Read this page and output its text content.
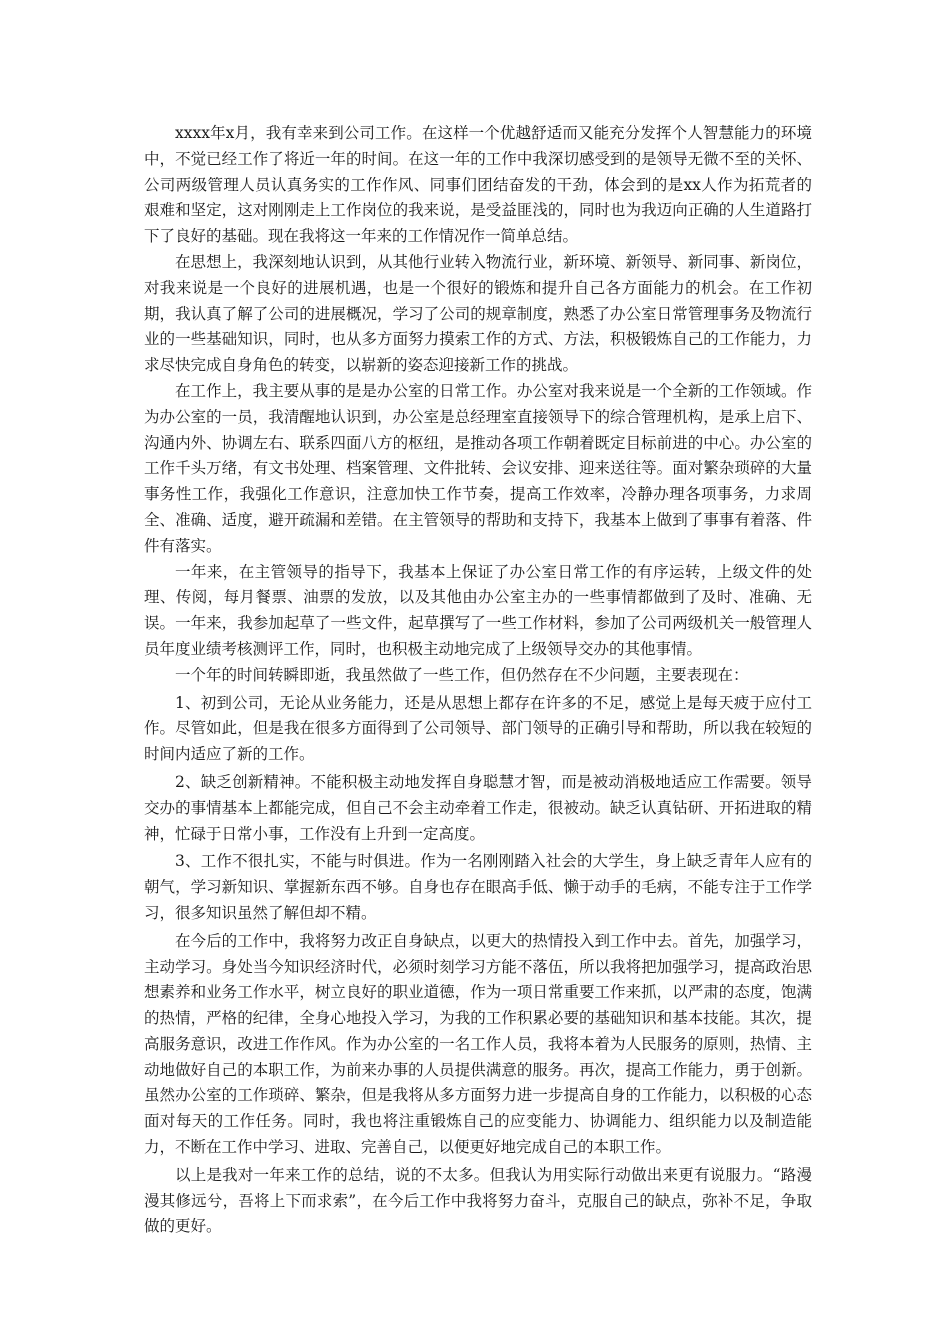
xxxx年x月，我有幸来到公司工作。在这样一个优越舒适而又能充分发挥个人智慧能力的环境中，不觉已经工作了将近一年的时间。在这一年的工作中我深切感受到的是领导无微不至的关怀、公司两级管理人员认真务实的工作作风、同事们团结奋发的干劲，体会到的是xx人作为拓荒者的艰难和坚定，这对刚刚走上工作岗位的我来说，是受益匪浅的，同时也为我迈向正确的人生道路打下了良好的基础。现在我将这一年来的工作情况作一简单总结。

在思想上，我深刻地认识到，从其他行业转入物流行业，新环境、新领导、新同事、新岗位，对我来说是一个良好的进展机遇，也是一个很好的锻炼和提升自己各方面能力的机会。在工作初期，我认真了解了公司的进展概况，学习了公司的规章制度，熟悉了办公室日常管理事务及物流行业的一些基础知识，同时，也从多方面努力摸索工作的方式、方法，积极锻炼自己的工作能力，力求尽快完成自身角色的转变，以崭新的姿态迎接新工作的挑战。

在工作上，我主要从事的是是办公室的日常工作。办公室对我来说是一个全新的工作领域。作为办公室的一员，我清醒地认识到，办公室是总经理室直接领导下的综合管理机构，是承上启下、沟通内外、协调左右、联系四面八方的枢纽，是推动各项工作朝着既定目标前进的中心。办公室的工作千头万绪，有文书处理、档案管理、文件批转、会议安排、迎来送往等。面对繁杂琐碎的大量事务性工作，我强化工作意识，注意加快工作节奏，提高工作效率，冷静办理各项事务，力求周全、准确、适度，避开疏漏和差错。在主管领导的帮助和支持下，我基本上做到了事事有着落、件件有落实。

一年来，在主管领导的指导下，我基本上保证了办公室日常工作的有序运转，上级文件的处理、传阅，每月餐票、油票的发放，以及其他由办公室主办的一些事情都做到了及时、准确、无误。一年来，我参加起草了一些文件，起草撰写了一些工作材料，参加了公司两级机关一般管理人员年度业绩考核测评工作，同时，也积极主动地完成了上级领导交办的其他事情。

一个年的时间转瞬即逝，我虽然做了一些工作，但仍然存在不少问题，主要表现在：

1、初到公司，无论从业务能力，还是从思想上都存在许多的不足，感觉上是每天疲于应付工作。尽管如此，但是我在很多方面得到了公司领导、部门领导的正确引导和帮助，所以我在较短的时间内适应了新的工作。

2、缺乏创新精神。不能积极主动地发挥自身聪慧才智，而是被动消极地适应工作需要。领导交办的事情基本上都能完成，但自己不会主动牵着工作走，很被动。缺乏认真钻研、开拓进取的精神，忙碌于日常小事，工作没有上升到一定高度。

3、工作不很扎实，不能与时俱进。作为一名刚刚踏入社会的大学生，身上缺乏青年人应有的朝气，学习新知识、掌握新东西不够。自身也存在眼高手低、懒于动手的毛病，不能专注于工作学习，很多知识虽然了解但却不精。

在今后的工作中，我将努力改正自身缺点，以更大的热情投入到工作中去。首先，加强学习，主动学习。身处当今知识经济时代，必须时刻学习方能不落伍，所以我将把加强学习，提高政治思想素养和业务工作水平，树立良好的职业道德，作为一项日常重要工作来抓，以严肃的态度，饱满的热情，严格的纪律，全身心地投入学习，为我的工作积累必要的基础知识和基本技能。其次，提高服务意识，改进工作作风。作为办公室的一名工作人员，我将本着为人民服务的原则，热情、主动地做好自己的本职工作，为前来办事的人员提供满意的服务。再次，提高工作能力，勇于创新。虽然办公室的工作琐碎、繁杂，但是我将从多方面努力进一步提高自身的工作能力，以积极的心态面对每天的工作任务。同时，我也将注重锻炼自己的应变能力、协调能力、组织能力以及制造能力，不断在工作中学习、进取、完善自己，以便更好地完成自己的本职工作。

以上是我对一年来工作的总结，说的不太多。但我认为用实际行动做出来更有说服力。“路漫漫其修远兮，吾将上下而求索”，在今后工作中我将努力奋斗，克服自己的缺点，弥补不足，争取做的更好。
